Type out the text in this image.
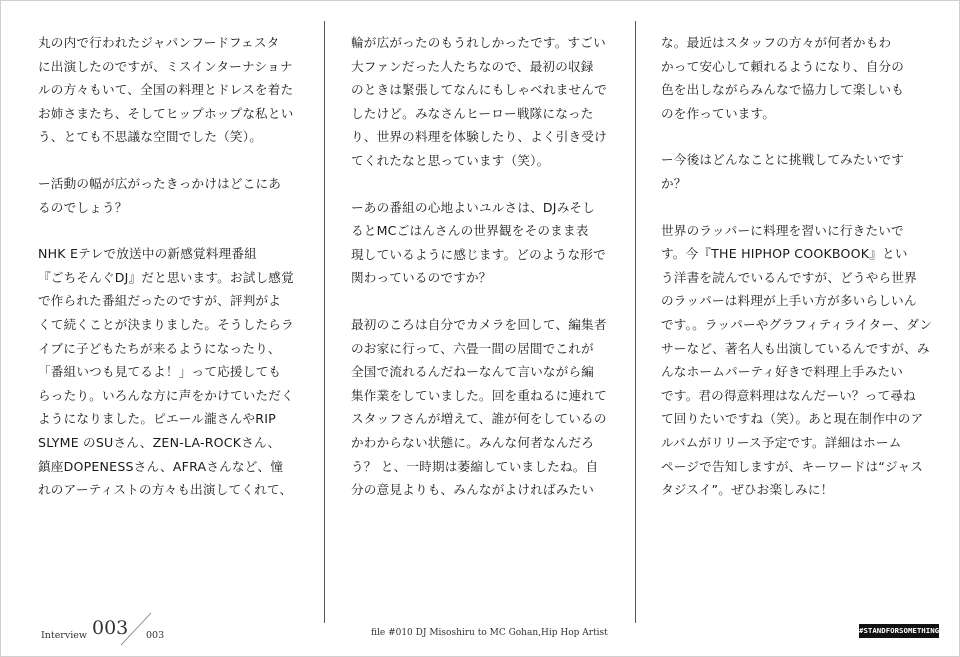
丸の内で行われたジャパンフードフェスタ
に出演したのですが、ミスインターナショナ
ルの方々もいて、全国の料理とドレスを着た
お姉さまたち、そしてヒップホップな私とい
う、とても不思議な空間でした（笑）。

ー活動の幅が広がったきっかけはどこにあ
るのでしょう？

NHK Eテレで放送中の新感覚料理番組
『ごちそんぐDJ』だと思います。お試し感覚
で作られた番組だったのですが、評判がよ
くて続くことが決まりました。そうしたらラ
イブに子どもたちが来るようになったり、
「番組いつも見てるよ！」って応援しても
らったり。いろんな方に声をかけていただく
ようになりました。ピエール瀧さんやRIP
SLYME のSUさん、ZEN-LA-ROCKさん、
鎮座DOPENESSさん、AFRAさんなど、憧
れのアーティストの方々も出演してくれて、

輪が広がったのもうれしかったです。すごい
大ファンだった人たちなので、最初の収録
のときは緊張してなんにもしゃべれませんで
したけど。みなさんヒーロー戦隊になった
り、世界の料理を体験したり、よく引き受け
てくれたなと思っています（笑）。

ーあの番組の心地よいユルさは、DJみそし
るとMCごはんさんの世界観をそのまま表
現しているように感じます。どのような形で
関わっているのですか？

最初のころは自分でカメラを回して、編集者
のお家に行って、六畳一間の居間でこれが
全国で流れるんだねーなんて言いながら編
集作業をしていました。回を重ねるに連れて
スタッフさんが増えて、誰が何をしているの
かわからない状態に。みんな何者なんだろ
う？ と、一時期は萎縮していましたね。自
分の意見よりも、みんながよければみたい

な。最近はスタッフの方々が何者かもわ
かって安心して頼れるようになり、自分の
色を出しながらみんなで協力して楽しいも
のを作っています。

ー今後はどんなことに挑戦してみたいです
か？

世界のラッパーに料理を習いに行きたいで
す。今『THE HIPHOP COOKBOOK』とい
う洋書を読んでいるんですが、どうやら世界
のラッパーは料理が上手い方が多いらしいん
です。。ラッパーやグラフィティライター、ダン
サーなど、著名人も出演しているんですが、み
んなホームパーティ好きで料理上手みたい
です。君の得意料理はなんだーい？って尋ね
て回りたいですね（笑）。あと現在制作中のア
ルバムがリリース予定です。詳細はホーム
ページで告知しますが、キーワードは“ジャス
タジスイ”。ぜひお楽しみに！

Interview 003 003	file #010 DJ Misoshiru to MC Gohan,Hip Hop Artist	#STANDFORSOMETHING
